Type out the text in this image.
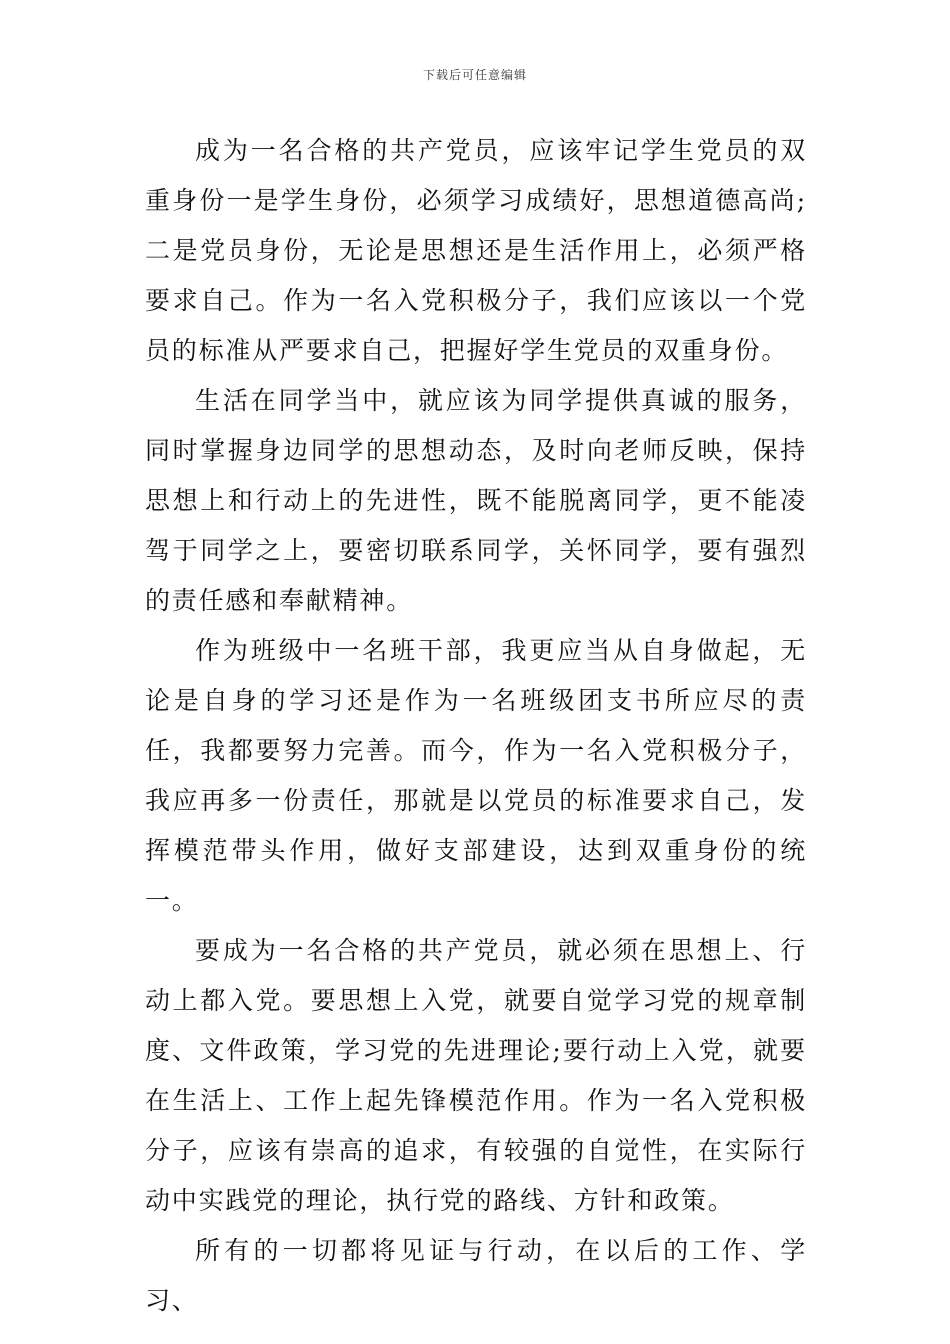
下载后可任意编辑

成为一名合格的共产党员，应该牢记学生党员的双重身份一是学生身份，必须学习成绩好，思想道德高尚;二是党员身份，无论是思想还是生活作用上，必须严格要求自己。作为一名入党积极分子，我们应该以一个党员的标准从严要求自己，把握好学生党员的双重身份。

生活在同学当中，就应该为同学提供真诚的服务，同时掌握身边同学的思想动态，及时向老师反映，保持思想上和行动上的先进性，既不能脱离同学，更不能凌驾于同学之上，要密切联系同学，关怀同学，要有强烈的责任感和奉献精神。

作为班级中一名班干部，我更应当从自身做起，无论是自身的学习还是作为一名班级团支书所应尽的责任，我都要努力完善。而今，作为一名入党积极分子，我应再多一份责任，那就是以党员的标准要求自己，发挥模范带头作用，做好支部建设，达到双重身份的统一。

要成为一名合格的共产党员，就必须在思想上、行动上都入党。要思想上入党，就要自觉学习党的规章制度、文件政策，学习党的先进理论;要行动上入党，就要在生活上、工作上起先锋模范作用。作为一名入党积极分子，应该有崇高的追求，有较强的自觉性，在实际行动中实践党的理论，执行党的路线、方针和政策。

所有的一切都将见证与行动，在以后的工作、学习、
